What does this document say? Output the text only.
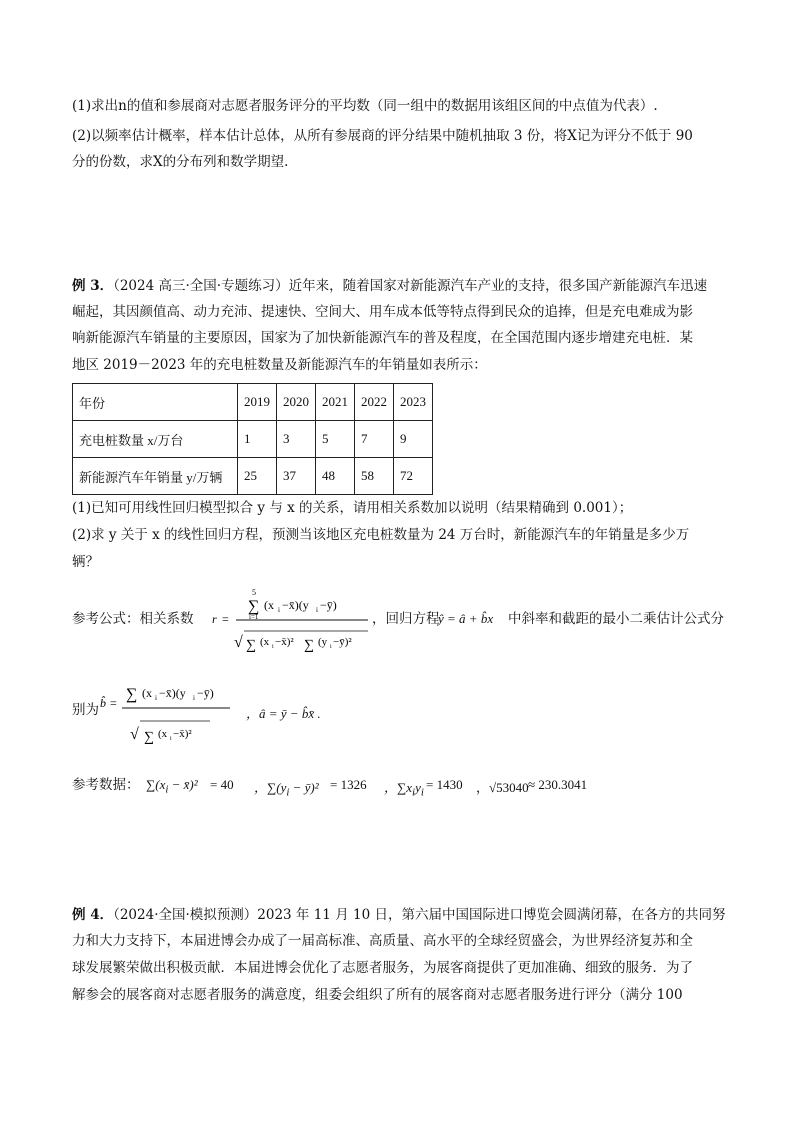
(1)求出n的值和参展商对志愿者服务评分的平均数（同一组中的数据用该组区间的中点值为代表）.
(2)以频率估计概率，样本估计总体，从所有参展商的评分结果中随机抽取 3 份，将X记为评分不低于 90
分的份数，求X的分布列和数学期望.
例 3．（2024 高三·全国·专题练习）近年来，随着国家对新能源汽车产业的支持，很多国产新能源汽车迅速
崛起，其因颜值高、动力充沛、提速快、空间大、用车成本低等特点得到民众的追捧，但是充电难成为影
响新能源汽车销量的主要原因，国家为了加快新能源汽车的普及程度，在全国范围内逐步增建充电桩．某
地区 2019－2023 年的充电桩数量及新能源汽车的年销量如表所示：
年份	2019	2020	2021	2022	2023
充电桩数量 x/万台	1	3	5	7	9
新能源汽车年销量 y/万辆	25	37	48	58	72
(1)已知可用线性回归模型拟合 y 与 x 的关系，请用相关系数加以说明（结果精确到 0.001）；
(2)求 y 关于 x 的线性回归方程，预测当该地区充电桩数量为 24 万台时，新能源汽车的年销量是多少万
辆？
参考公式：相关系数 r =
5
∑
i=1
(x i −x̄)(y i −ȳ)
√ ∑ (x i −x̄)² ∑ (y i −ȳ)²
，回归方程
ŷ = â + b̂x 中斜率和截距的最小二乘估计公式分
别为 b̂ = ∑ (x i −x̄)(y i −ȳ)
√ ∑ (x i −x̄)²
，â = ȳ − b̂x̄ .
参考数据： $\sum(x_i$ − x̄)² = 40 ，$\sum(y_i$ − ȳ)² = 1326 ，$\sum x_iy_i$
= 1430 ，√53040 ≈ 230.3041
例 4．（2024·全国·模拟预测）2023 年 11 月 10 日，第六届中国国际进口博览会圆满闭幕，在各方的共同努
力和大力支持下，本届进博会办成了一届高标准、高质量、高水平的全球经贸盛会，为世界经济复苏和全
球发展繁荣做出积极贡献．本届进博会优化了志愿者服务，为展客商提供了更加准确、细致的服务．为了
解参会的展客商对志愿者服务的满意度，组委会组织了所有的展客商对志愿者服务进行评分（满分 100
